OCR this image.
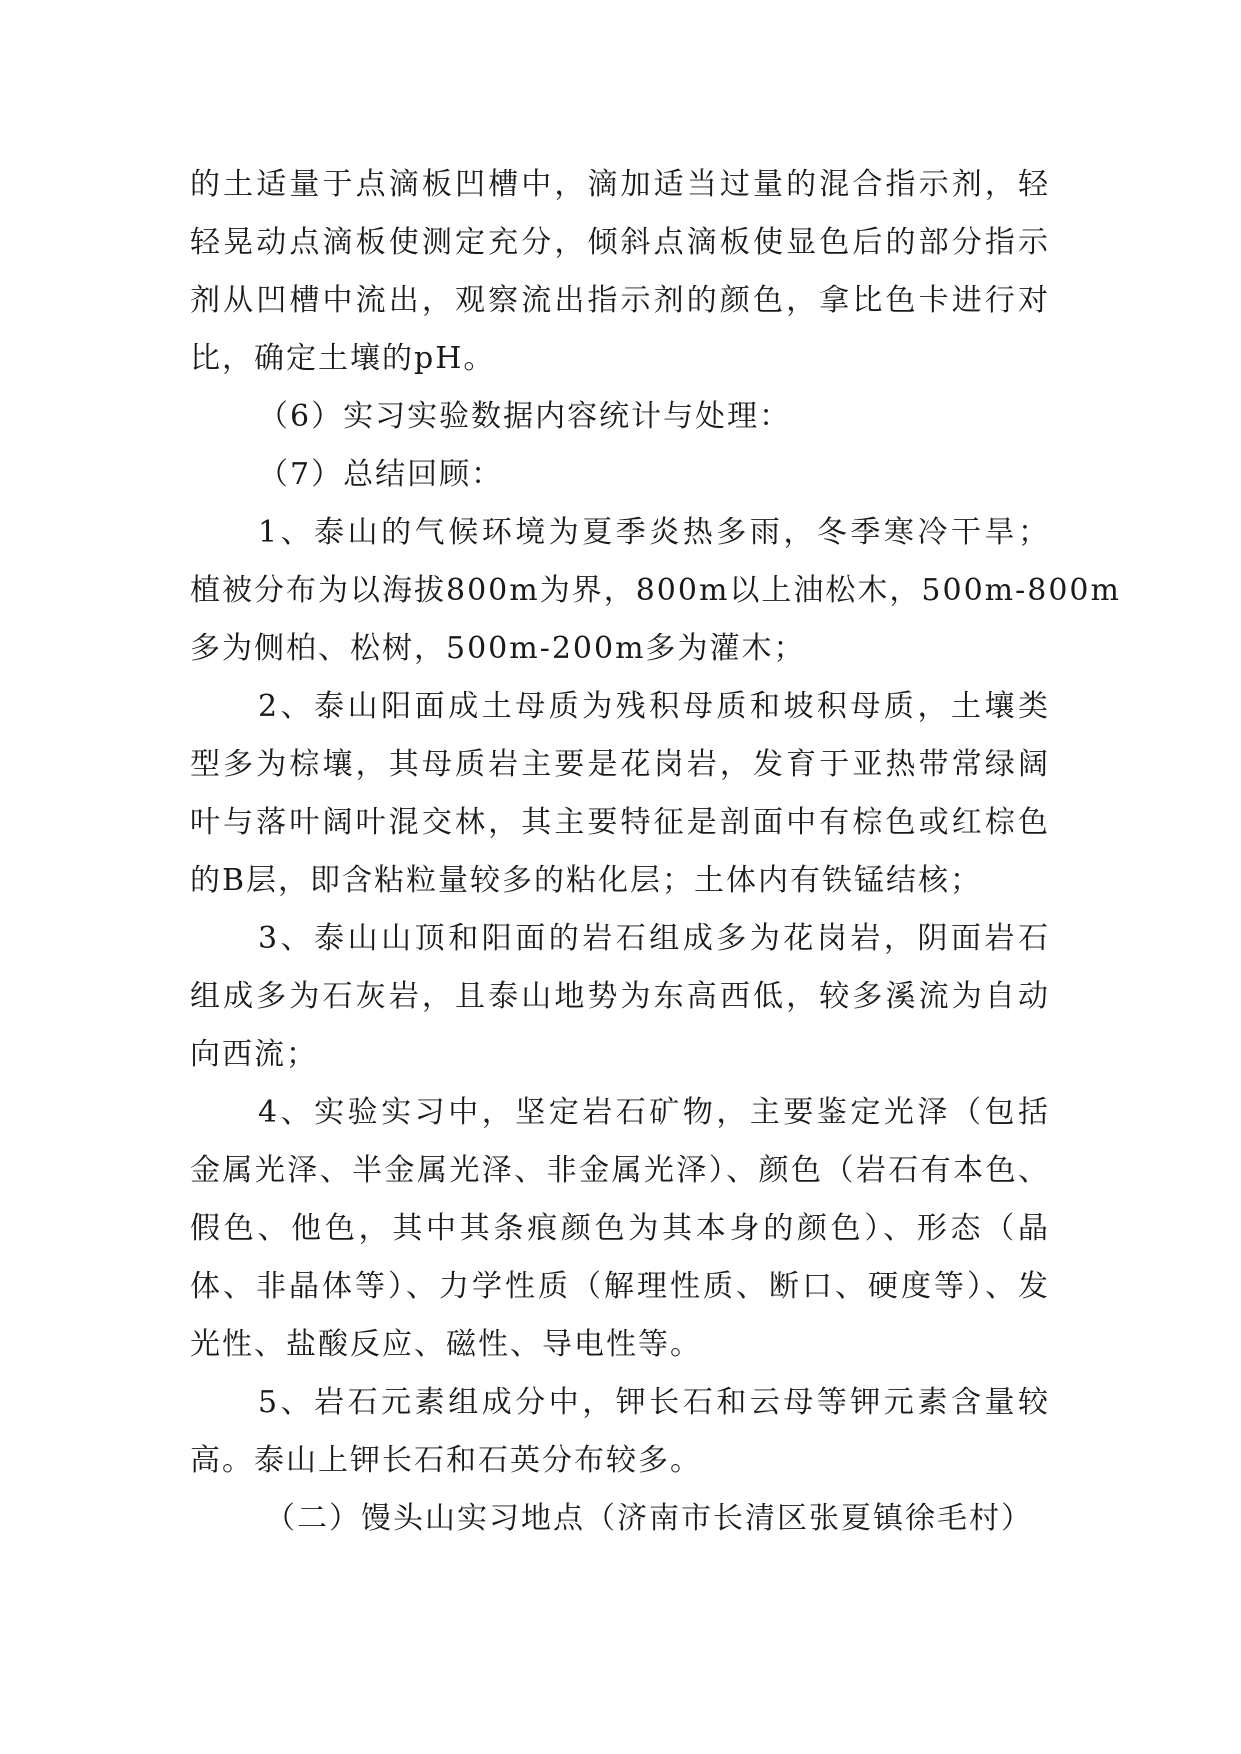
的土适量于点滴板凹槽中，滴加适当过量的混合指示剂，轻
轻晃动点滴板使测定充分，倾斜点滴板使显色后的部分指示
剂从凹槽中流出，观察流出指示剂的颜色，拿比色卡进行对
比，确定土壤的pH。
（6）实习实验数据内容统计与处理：
（7）总结回顾：
1、泰山的气候环境为夏季炎热多雨，冬季寒冷干旱；
植被分布为以海拔800m为界，800m以上油松木，500m-800m
多为侧柏、松树，500m-200m多为灌木；
2、泰山阳面成土母质为残积母质和坡积母质，土壤类
型多为棕壤，其母质岩主要是花岗岩，发育于亚热带常绿阔
叶与落叶阔叶混交林，其主要特征是剖面中有棕色或红棕色
的B层，即含粘粒量较多的粘化层；土体内有铁锰结核；
3、泰山山顶和阳面的岩石组成多为花岗岩，阴面岩石
组成多为石灰岩，且泰山地势为东高西低，较多溪流为自动
向西流；
4、实验实习中，坚定岩石矿物，主要鉴定光泽（包括
金属光泽、半金属光泽、非金属光泽）、颜色（岩石有本色、
假色、他色，其中其条痕颜色为其本身的颜色）、形态（晶
体、非晶体等）、力学性质（解理性质、断口、硬度等）、发
光性、盐酸反应、磁性、导电性等。
5、岩石元素组成分中，钾长石和云母等钾元素含量较
高。泰山上钾长石和石英分布较多。
（二）馒头山实习地点（济南市长清区张夏镇徐毛村）
